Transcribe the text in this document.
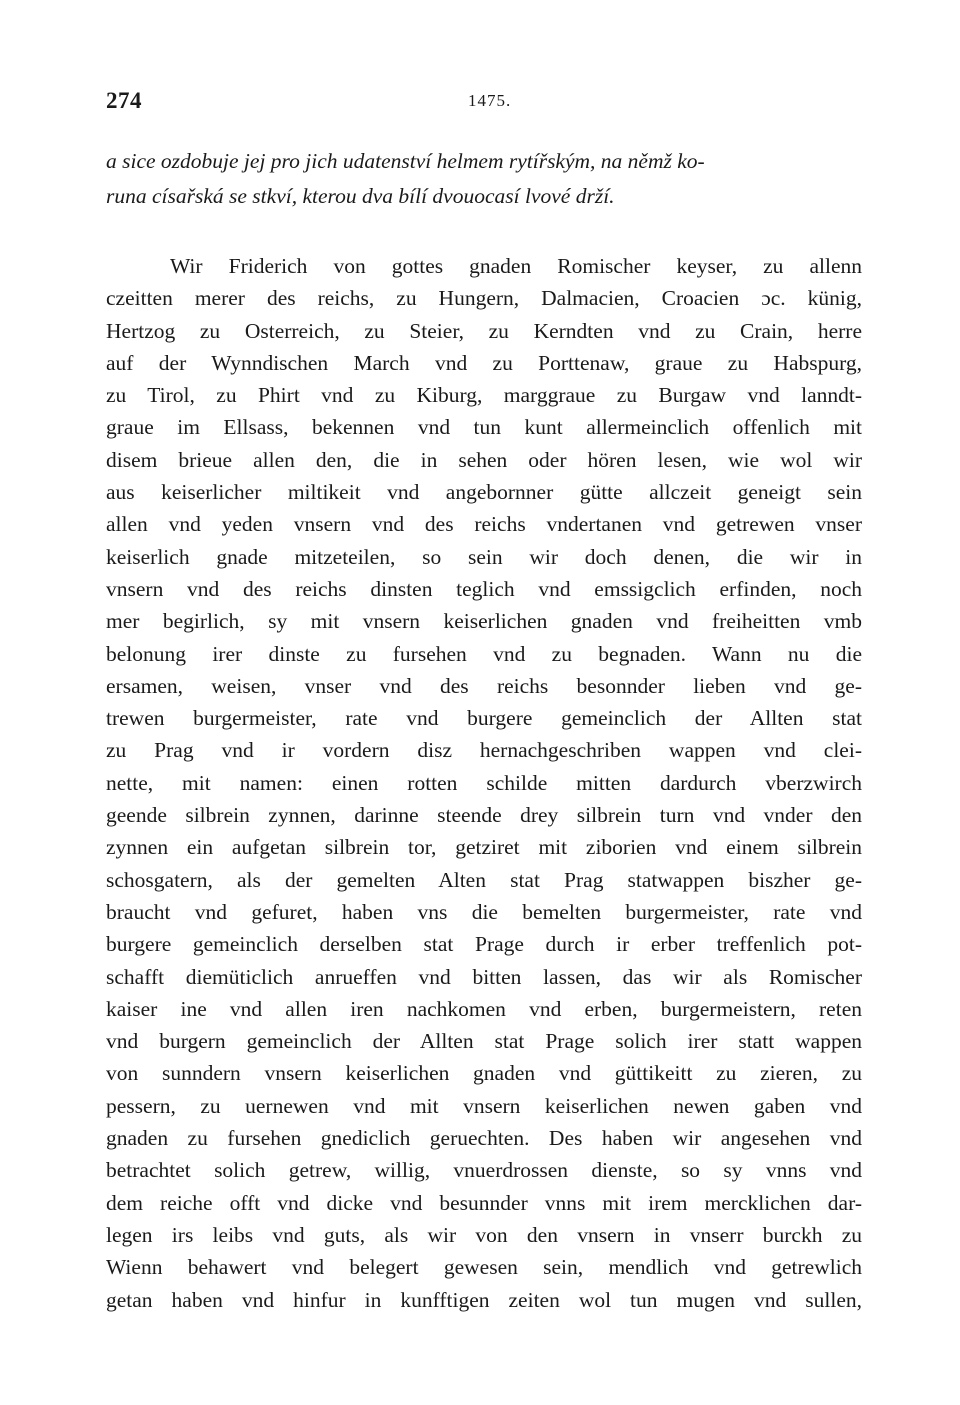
274	1475.
a sice ozdobuje jej pro jich udatenství helmem rytířským, na němž ko-
runa císařská se stkví, kterou dva bílí dvouocasí lvové drží.
Wir Friderich von gottes gnaden Romischer keyser, zu allenn
czeitten merer des reichs, zu Hungern, Dalmacien, Croacien ɔc. künig,
Hertzog zu Osterreich, zu Steier, zu Kerndten vnd zu Crain, herre
auf der Wynndischen March vnd zu Porttenaw, graue zu Habspurg,
zu Tirol, zu Phirt vnd zu Kiburg, marggraue zu Burgaw vnd lanndt-
graue im Ellsass, bekennen vnd tun kunt allermeinclich offenlich mit
disem brieue allen den, die in sehen oder hören lesen, wie wol wir
aus keiserlicher miltikeit vnd angebornner gütte allczeit geneigt sein
allen vnd yeden vnsern vnd des reichs vndertanen vnd getrewen vnser
keiserlich gnade mitzeteilen, so sein wir doch denen, die wir in
vnsern vnd des reichs dinsten teglich vnd emssigclich erfinden, noch
mer begirlich, sy mit vnsern keiserlichen gnaden vnd freiheitten vmb
belonung irer dinste zu fursehen vnd zu begnaden. Wann nu die
ersamen, weisen, vnser vnd des reichs besonnder lieben vnd ge-
trewen burgermeister, rate vnd burgere gemeinclich der Allten stat
zu Prag vnd ir vordern disz hernachgeschriben wappen vnd clei-
nette, mit namen: einen rotten schilde mitten dardurch vberzwirch
geende silbrein zynnen, darinne steende drey silbrein turn vnd vnder den
zynnen ein aufgetan silbrein tor, getziret mit ziborien vnd einem silbrein
schosgatern, als der gemelten Alten stat Prag statwappen biszher ge-
braucht vnd gefuret, haben vns die bemelten burgermeister, rate vnd
burgere gemeinclich derselben stat Prage durch ir erber treffenlich pot-
schafft diemüticlich anrueffen vnd bitten lassen, das wir als Romischer
kaiser ine vnd allen iren nachkomen vnd erben, burgermeistern, reten
vnd burgern gemeinclich der Allten stat Prage solich irer statt wappen
von sunndern vnsern keiserlichen gnaden vnd güttikeitt zu zieren, zu
pessern, zu uernewen vnd mit vnsern keiserlichen newen gaben vnd
gnaden zu fursehen gnediclich geruechten. Des haben wir angesehen vnd
betrachtet solich getrew, willig, vnuerdrossen dienste, so sy vnns vnd
dem reiche offt vnd dicke vnd besunnder vnns mit irem mercklichen dar-
legen irs leibs vnd guts, als wir von den vnsern in vnserr burckh zu
Wienn behawert vnd belegert gewesen sein, mendlich vnd getrewlich
getan haben vnd hinfur in kunfftigen zeiten wol tun mugen vnd sullen,
